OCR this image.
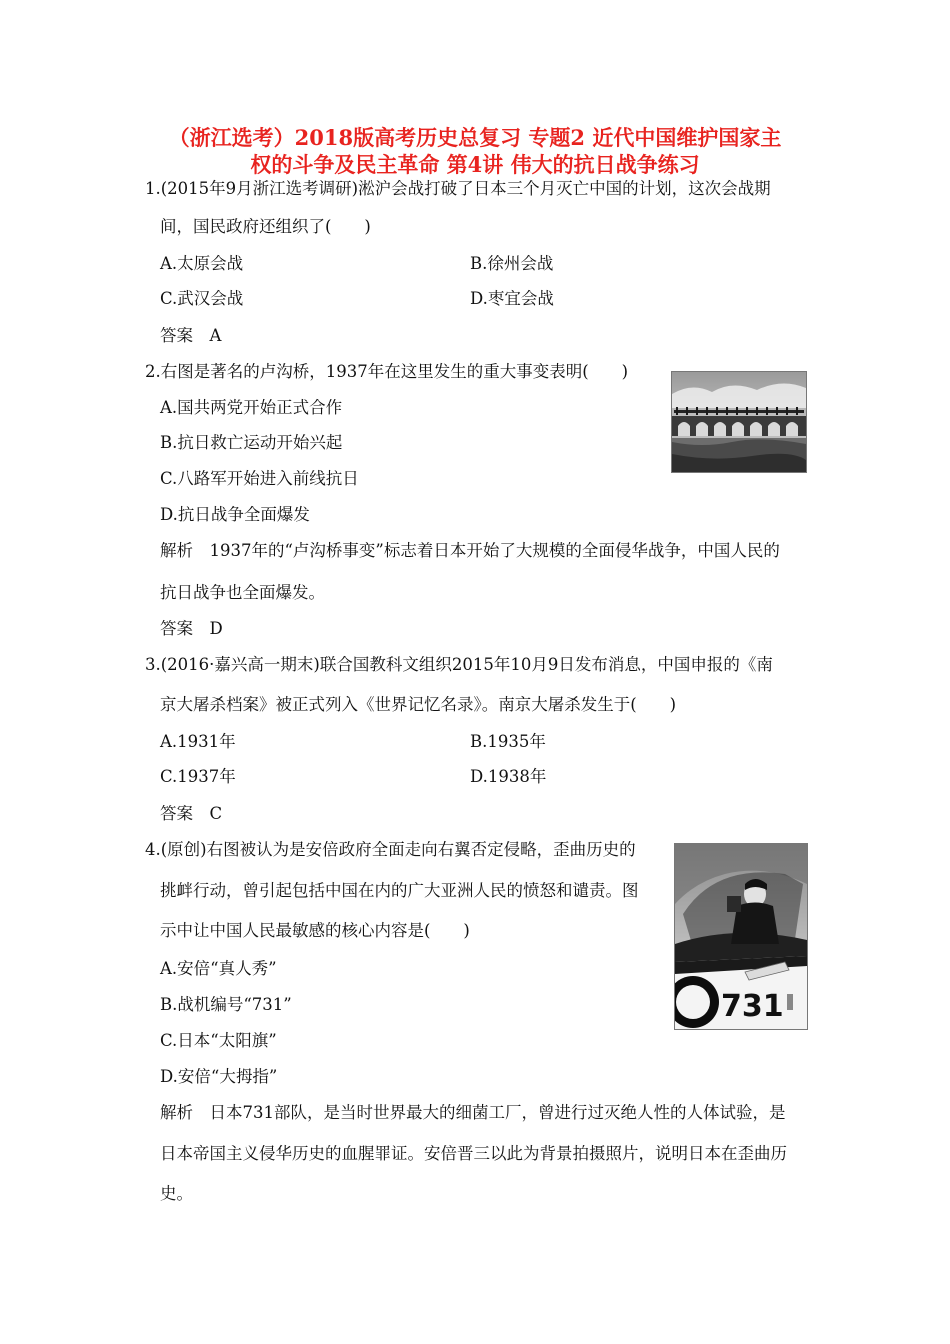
（浙江选考）2018版高考历史总复习 专题2 近代中国维护国家主
权的斗争及民主革命 第4讲 伟大的抗日战争练习
1.(2015年9月浙江选考调研)淞沪会战打破了日本三个月灭亡中国的计划，这次会战期
间，国民政府还组织了(　　)
A.太原会战	B.徐州会战
C.武汉会战	D.枣宜会战
答案　A
2.右图是著名的卢沟桥，1937年在这里发生的重大事变表明(　　)
A.国共两党开始正式合作
B.抗日救亡运动开始兴起
C.八路军开始进入前线抗日
D.抗日战争全面爆发
解析　1937年的“卢沟桥事变”标志着日本开始了大规模的全面侵华战争，中国人民的
抗日战争也全面爆发。
答案　D
3.(2016·嘉兴高一期末)联合国教科文组织2015年10月9日发布消息，中国申报的《南
京大屠杀档案》被正式列入《世界记忆名录》。南京大屠杀发生于(　　)
A.1931年	B.1935年
C.1937年	D.1938年
答案　C
4.(原创)右图被认为是安倍政府全面走向右翼否定侵略，歪曲历史的
挑衅行动，曾引起包括中国在内的广大亚洲人民的愤怒和谴责。图
示中让中国人民最敏感的核心内容是(　　)
A.安倍“真人秀”
B.战机编号“731”
C.日本“太阳旗”
D.安倍“大拇指”
解析　日本731部队，是当时世界最大的细菌工厂，曾进行过灭绝人性的人体试验，是
日本帝国主义侵华历史的血腥罪证。安倍晋三以此为背景拍摄照片，说明日本在歪曲历
史。
731
